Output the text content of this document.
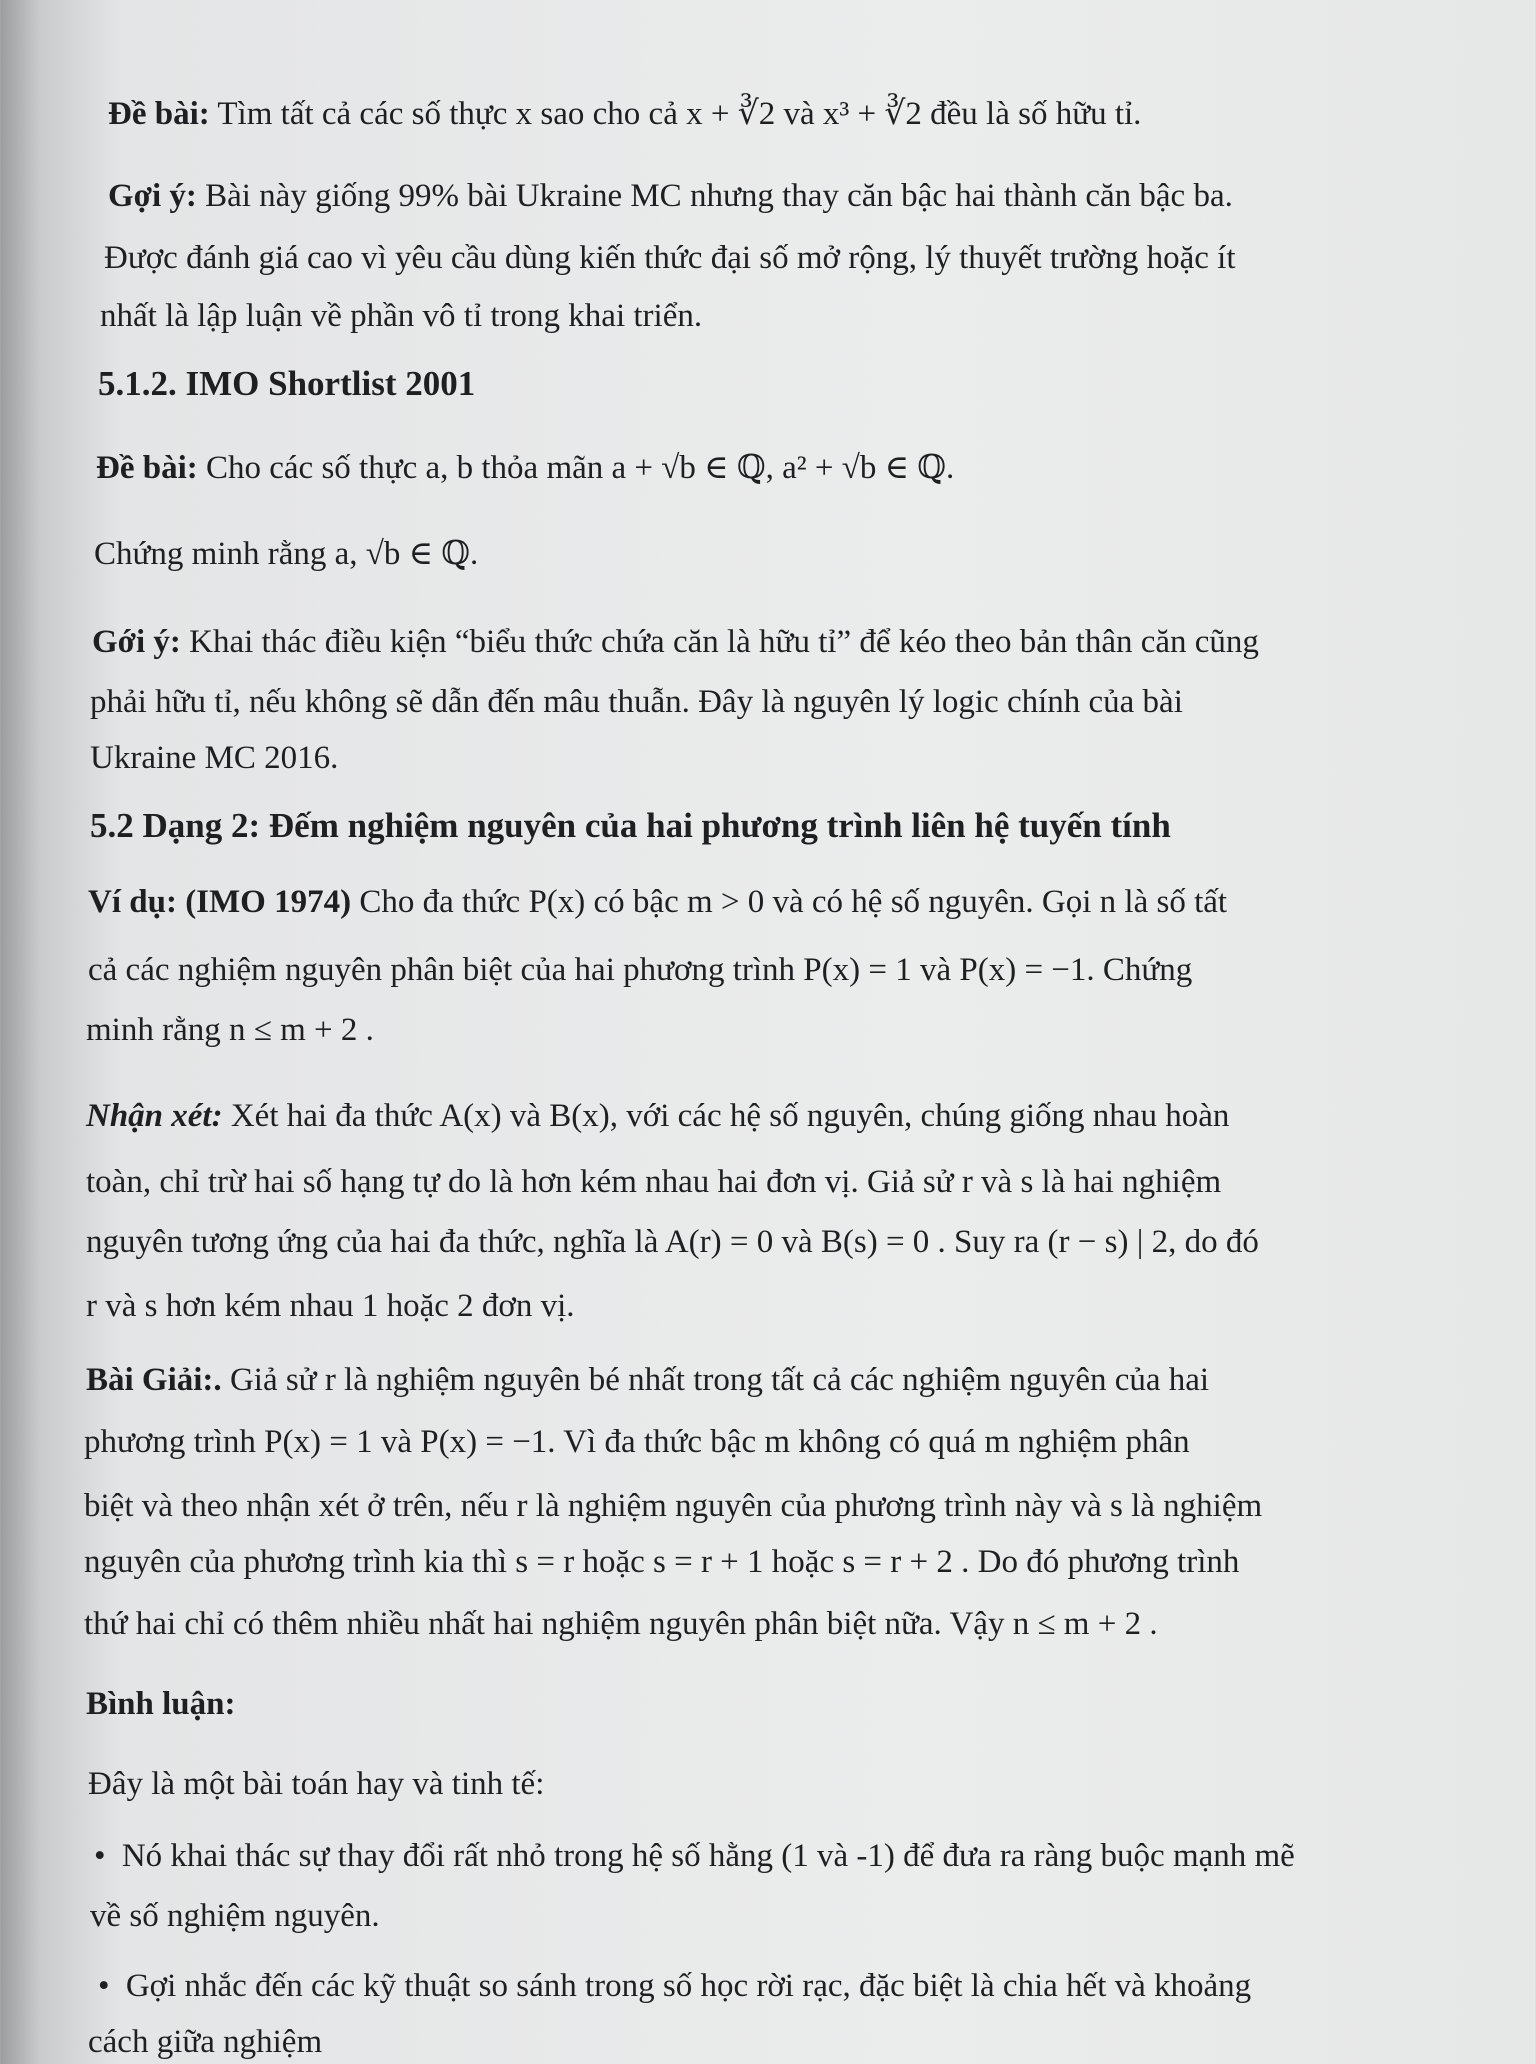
Đề bài: Tìm tất cả các số thực x sao cho cả x + ∛2 và x³ + ∛2 đều là số hữu tỉ.
Gợi ý: Bài này giống 99% bài Ukraine MC nhưng thay căn bậc hai thành căn bậc ba.
Được đánh giá cao vì yêu cầu dùng kiến thức đại số mở rộng, lý thuyết trường hoặc ít
nhất là lập luận về phần vô tỉ trong khai triển.
5.1.2. IMO Shortlist 2001
Đề bài: Cho các số thực a, b thỏa mãn a + √b ∈ ℚ, a² + √b ∈ ℚ.
Chứng minh rằng a, √b ∈ ℚ.
Gới ý: Khai thác điều kiện “biểu thức chứa căn là hữu tỉ” để kéo theo bản thân căn cũng
phải hữu tỉ, nếu không sẽ dẫn đến mâu thuẫn. Đây là nguyên lý logic chính của bài
Ukraine MC 2016.
5.2 Dạng 2: Đếm nghiệm nguyên của hai phương trình liên hệ tuyến tính
Ví dụ: (IMO 1974) Cho đa thức P(x) có bậc m > 0 và có hệ số nguyên. Gọi n là số tất
cả các nghiệm nguyên phân biệt của hai phương trình P(x) = 1 và P(x) = −1. Chứng
minh rằng n ≤ m + 2 .
Nhận xét: Xét hai đa thức A(x) và B(x), với các hệ số nguyên, chúng giống nhau hoàn
toàn, chỉ trừ hai số hạng tự do là hơn kém nhau hai đơn vị. Giả sử r và s là hai nghiệm
nguyên tương ứng của hai đa thức, nghĩa là A(r) = 0 và B(s) = 0 . Suy ra (r − s) | 2, do đó
r và s hơn kém nhau 1 hoặc 2 đơn vị.
Bài Giải:. Giả sử r là nghiệm nguyên bé nhất trong tất cả các nghiệm nguyên của hai
phương trình P(x) = 1 và P(x) = −1. Vì đa thức bậc m không có quá m nghiệm phân
biệt và theo nhận xét ở trên, nếu r là nghiệm nguyên của phương trình này và s là nghiệm
nguyên của phương trình kia thì s = r hoặc s = r + 1 hoặc s = r + 2 . Do đó phương trình
thứ hai chỉ có thêm nhiều nhất hai nghiệm nguyên phân biệt nữa. Vậy n ≤ m + 2 .
Bình luận:
Đây là một bài toán hay và tinh tế:
• Nó khai thác sự thay đổi rất nhỏ trong hệ số hằng (1 và -1) để đưa ra ràng buộc mạnh mẽ
về số nghiệm nguyên.
• Gợi nhắc đến các kỹ thuật so sánh trong số học rời rạc, đặc biệt là chia hết và khoảng
cách giữa nghiệm
